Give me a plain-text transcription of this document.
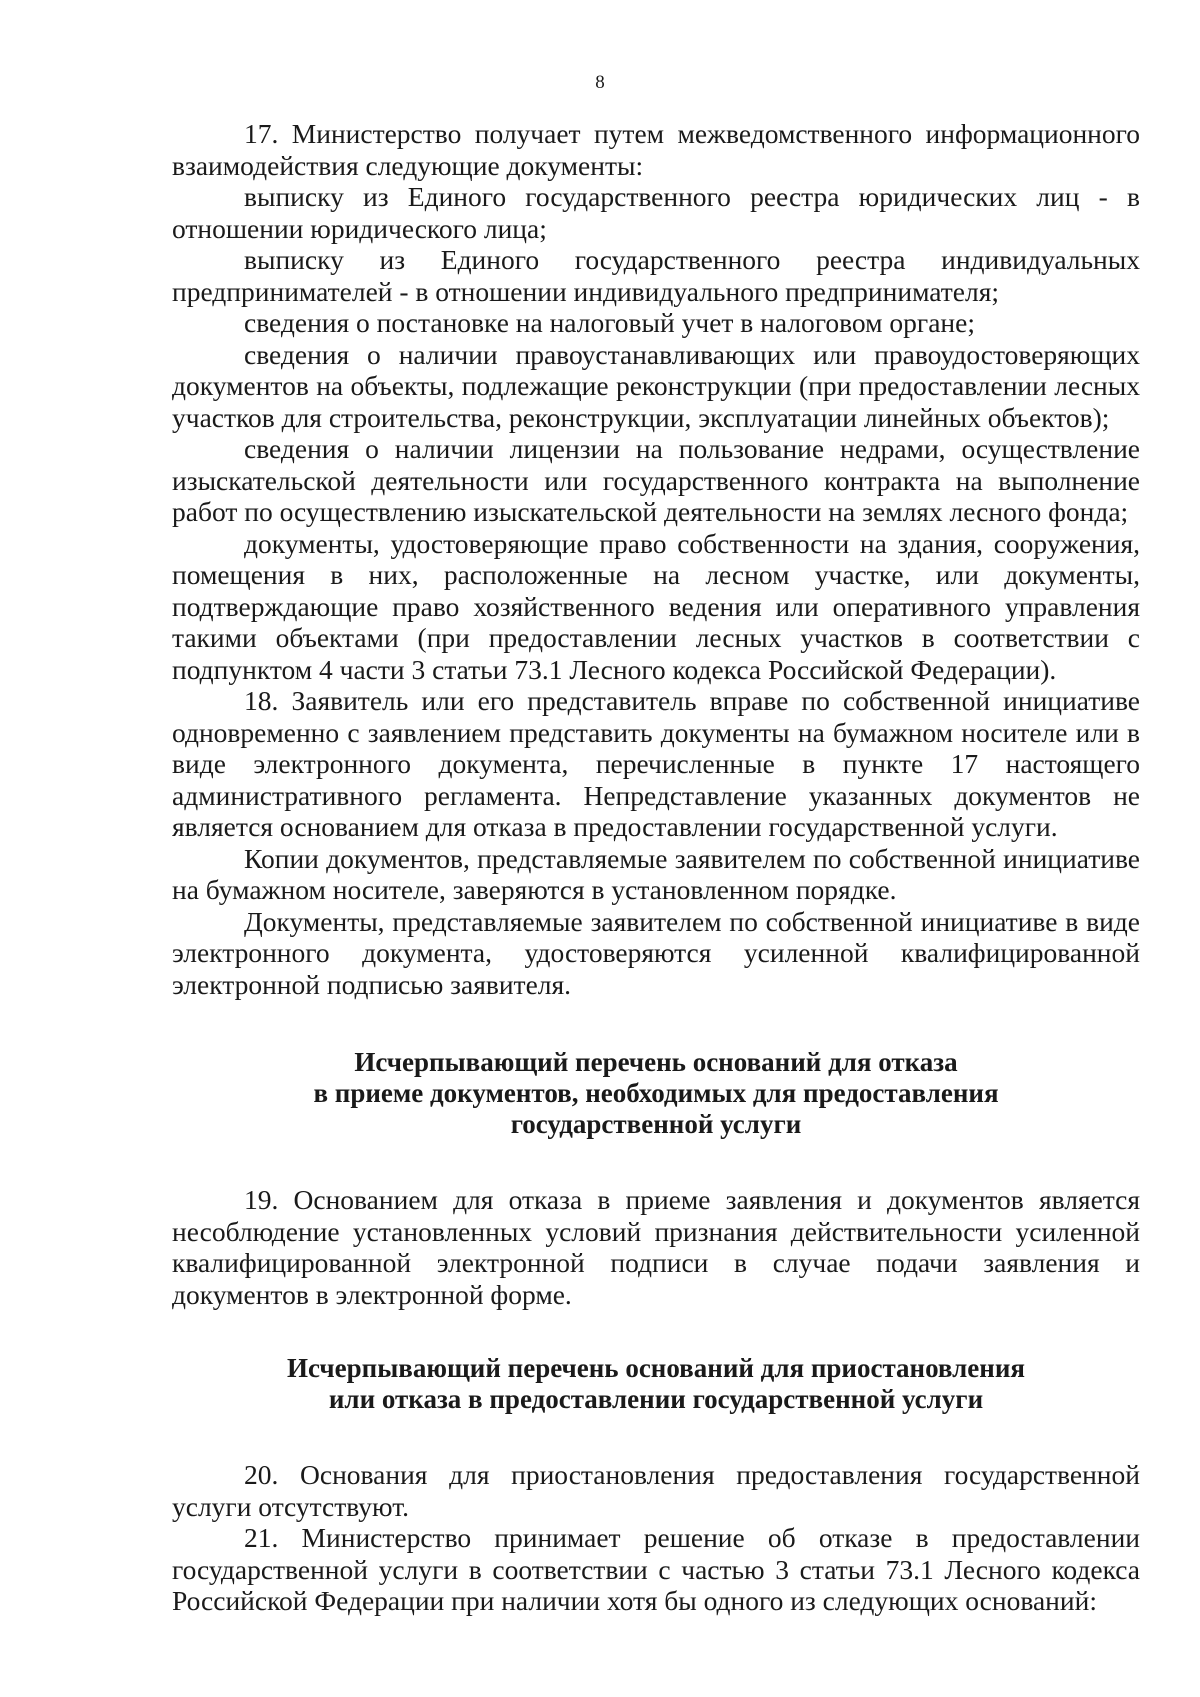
8

17. Министерство получает путем межведомственного информационного взаимодействия следующие документы:

выписку из Единого государственного реестра юридических лиц - в отношении юридического лица;

выписку из Единого государственного реестра индивидуальных предпринимателей - в отношении индивидуального предпринимателя;

сведения о постановке на налоговый учет в налоговом органе;

сведения о наличии правоустанавливающих или правоудостоверяющих документов на объекты, подлежащие реконструкции (при предоставлении лесных участков для строительства, реконструкции, эксплуатации линейных объектов);

сведения о наличии лицензии на пользование недрами, осуществление изыскательской деятельности или государственного контракта на выполнение работ по осуществлению изыскательской деятельности на землях лесного фонда;

документы, удостоверяющие право собственности на здания, сооружения, помещения в них, расположенные на лесном участке, или документы, подтверждающие право хозяйственного ведения или оперативного управления такими объектами (при предоставлении лесных участков в соответствии с подпунктом 4 части 3 статьи 73.1 Лесного кодекса Российской Федерации).

18. Заявитель или его представитель вправе по собственной инициативе одновременно с заявлением представить документы на бумажном носителе или в виде электронного документа, перечисленные в пункте 17 настоящего административного регламента. Непредставление указанных документов не является основанием для отказа в предоставлении государственной услуги.

Копии документов, представляемые заявителем по собственной инициативе на бумажном носителе, заверяются в установленном порядке.

Документы, представляемые заявителем по собственной инициативе в виде электронного документа, удостоверяются усиленной квалифицированной электронной подписью заявителя.

Исчерпывающий перечень оснований для отказа
в приеме документов, необходимых для предоставления
государственной услуги

19. Основанием для отказа в приеме заявления и документов является несоблюдение установленных условий признания действительности усиленной квалифицированной электронной подписи в случае подачи заявления и документов в электронной форме.

Исчерпывающий перечень оснований для приостановления
или отказа в предоставлении государственной услуги

20. Основания для приостановления предоставления государственной услуги отсутствуют.

21. Министерство принимает решение об отказе в предоставлении государственной услуги в соответствии с частью 3 статьи 73.1 Лесного кодекса Российской Федерации при наличии хотя бы одного из следующих оснований:
